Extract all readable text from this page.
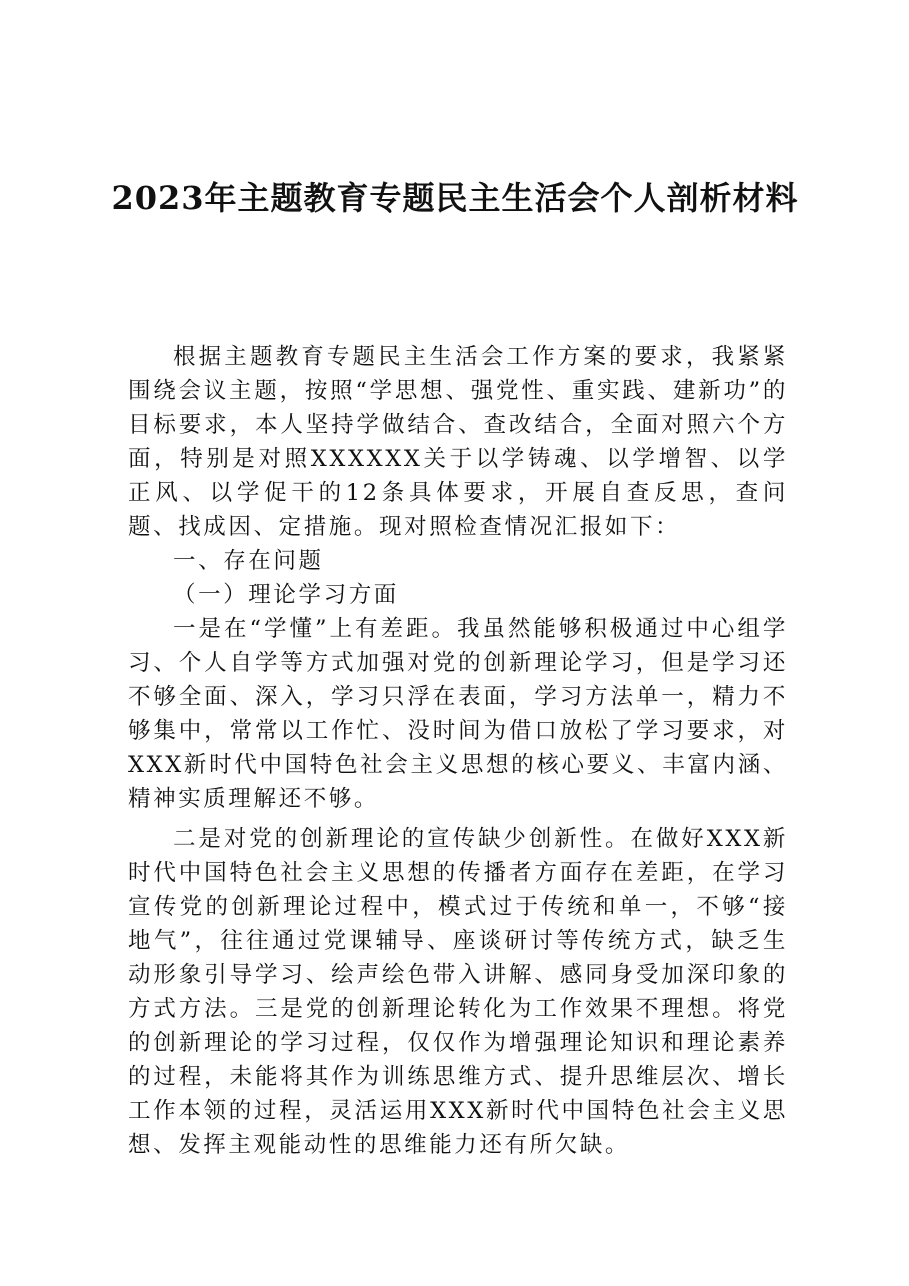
2023年主题教育专题民主生活会个人剖析材料

根据主题教育专题民主生活会工作方案的要求，我紧紧围绕会议主题，按照“学思想、强党性、重实践、建新功”的目标要求，本人坚持学做结合、查改结合，全面对照六个方面，特别是对照XXXXXX关于以学铸魂、以学增智、以学正风、以学促干的12条具体要求，开展自查反思，查问题、找成因、定措施。现对照检查情况汇报如下：

一、存在问题

（一）理论学习方面

一是在“学懂”上有差距。我虽然能够积极通过中心组学习、个人自学等方式加强对党的创新理论学习，但是学习还不够全面、深入，学习只浮在表面，学习方法单一，精力不够集中，常常以工作忙、没时间为借口放松了学习要求，对XXX新时代中国特色社会主义思想的核心要义、丰富内涵、精神实质理解还不够。

二是对党的创新理论的宣传缺少创新性。在做好XXX新时代中国特色社会主义思想的传播者方面存在差距，在学习宣传党的创新理论过程中，模式过于传统和单一，不够“接地气”，往往通过党课辅导、座谈研讨等传统方式，缺乏生动形象引导学习、绘声绘色带入讲解、感同身受加深印象的方式方法。三是党的创新理论转化为工作效果不理想。将党的创新理论的学习过程，仅仅作为增强理论知识和理论素养的过程，未能将其作为训练思维方式、提升思维层次、增长工作本领的过程，灵活运用XXX新时代中国特色社会主义思想、发挥主观能动性的思维能力还有所欠缺。
